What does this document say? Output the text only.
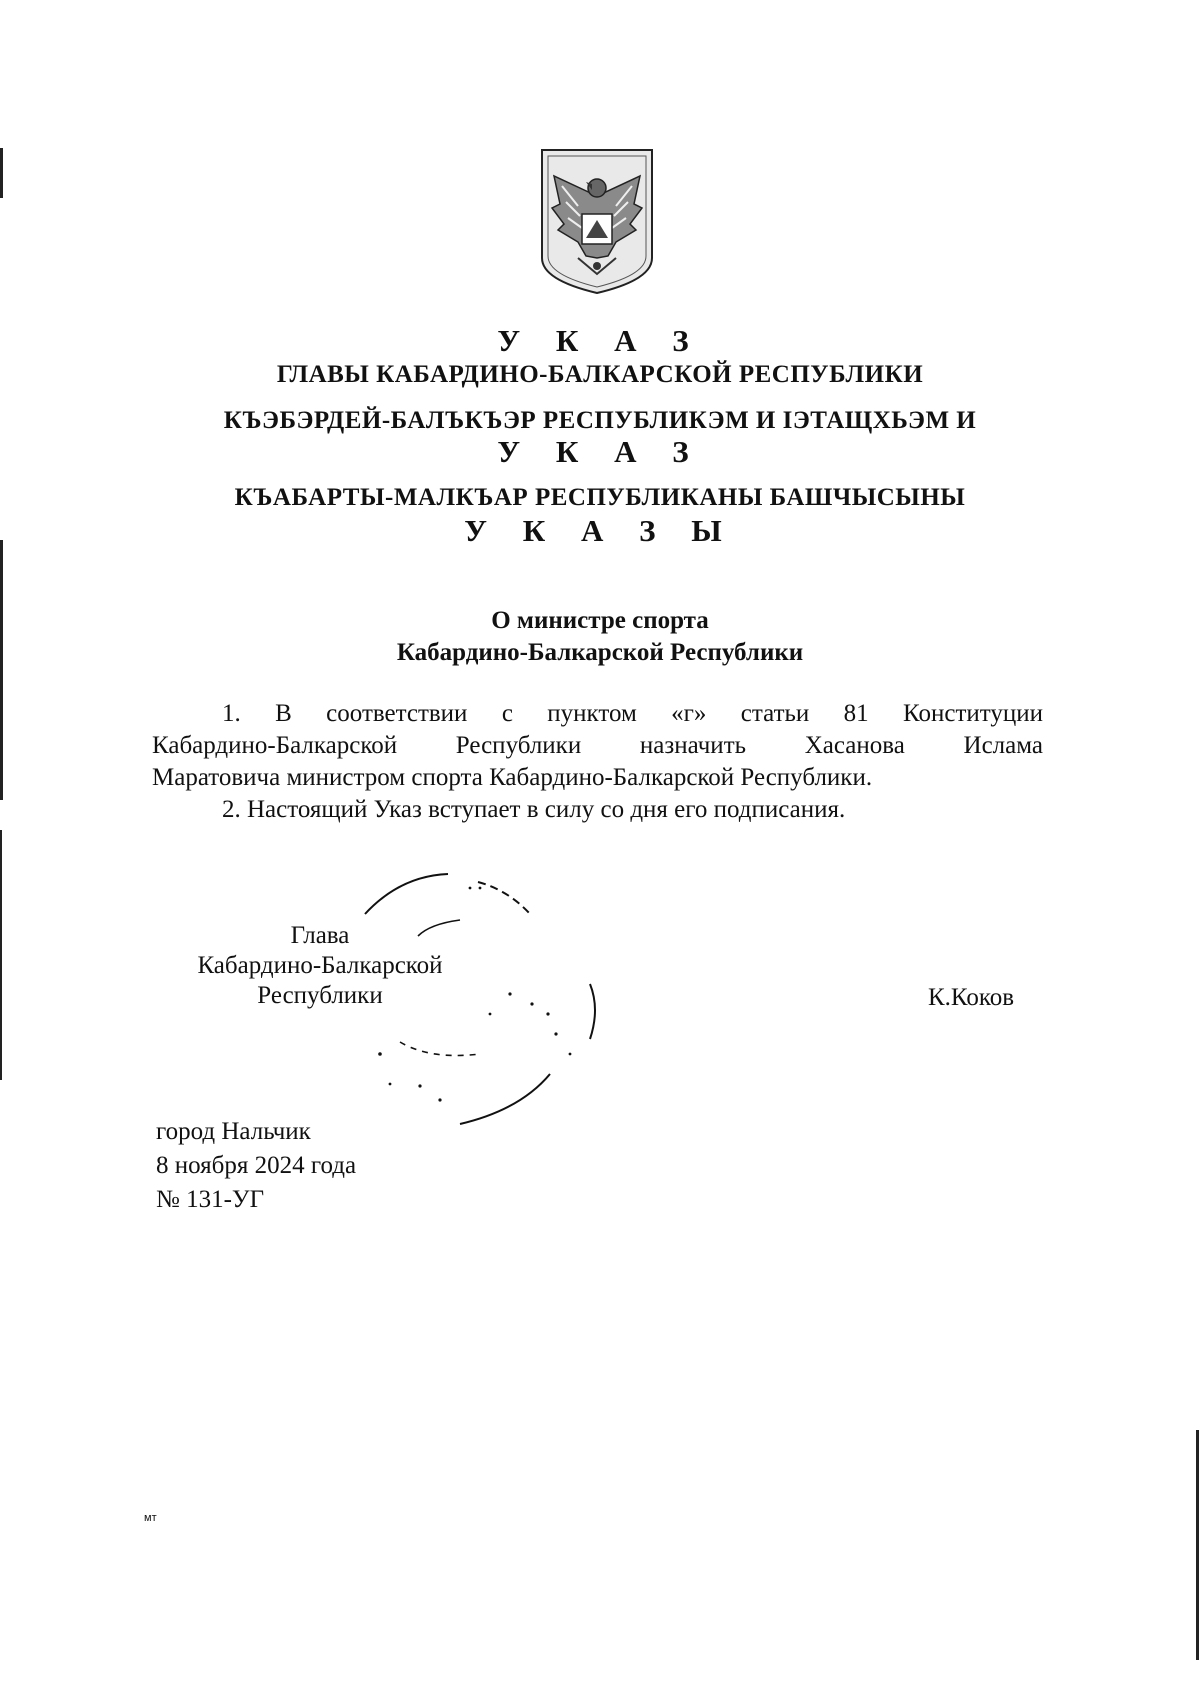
У К А З
ГЛАВЫ КАБАРДИНО-БАЛКАРСКОЙ РЕСПУБЛИКИ
КЪЭБЭРДЕЙ-БАЛЪКЪЭР РЕСПУБЛИКЭМ И ӀЭТАЩХЬЭМ И
У К А З
КЪАБАРТЫ-МАЛКЪАР РЕСПУБЛИКАНЫ БАШЧЫСЫНЫ
У К А З Ы
О министре спорта
Кабардино-Балкарской Республики
1. В соответствии с пунктом «г» статьи 81 Конституции
Кабардино-Балкарской Республики назначить Хасанова Ислама
Маратовича министром спорта Кабардино-Балкарской Республики.
2. Настоящий Указ вступает в силу со дня его подписания.
Глава
Кабардино-Балкарской
Республики	К.Коков
город Нальчик
8 ноября 2024 года
№ 131-УГ
мт
